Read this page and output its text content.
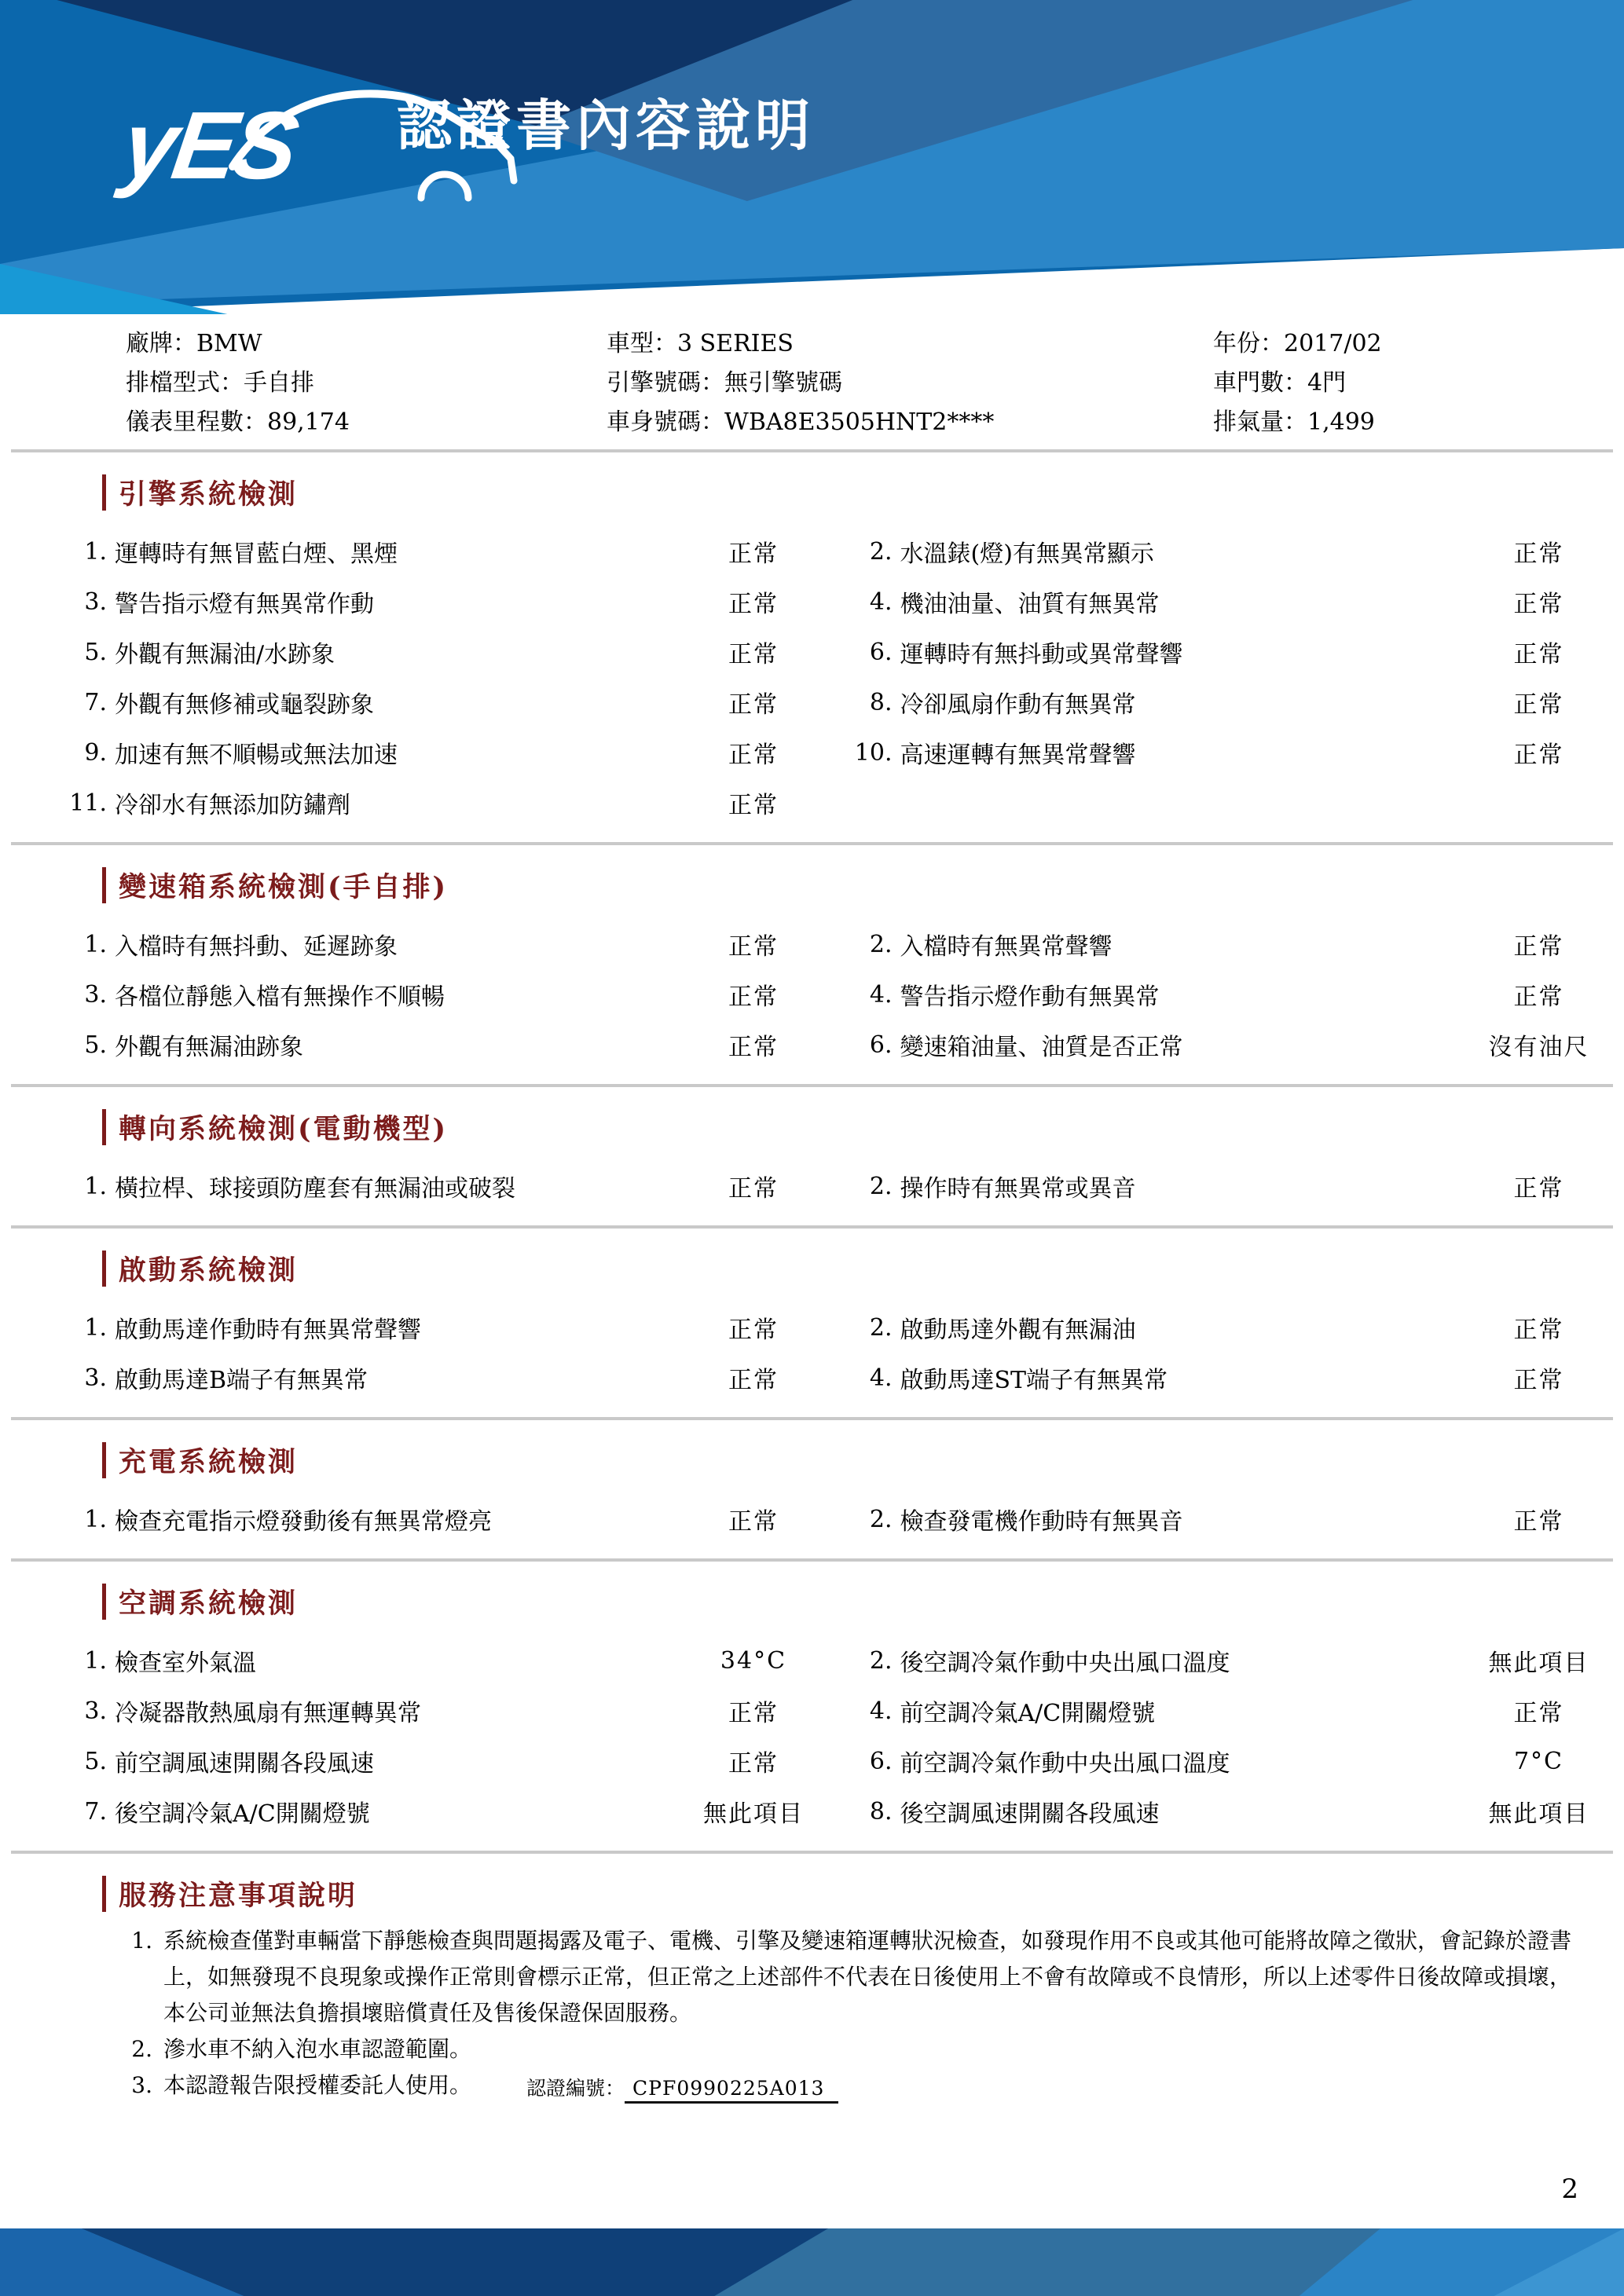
yES 認證書內容說明
廠牌：BMW	車型：3 SERIES	年份：2017/02
排檔型式：手自排	引擎號碼：無引擎號碼	車門數：4門
儀表里程數：89,174	車身號碼：WBA8E3505HNT2****	排氣量：1,499
引擎系統檢測
1. 運轉時有無冒藍白煙、黑煙	正常	2. 水溫錶(燈)有無異常顯示	正常
3. 警告指示燈有無異常作動	正常	4. 機油油量、油質有無異常	正常
5. 外觀有無漏油/水跡象	正常	6. 運轉時有無抖動或異常聲響	正常
7. 外觀有無修補或龜裂跡象	正常	8. 冷卻風扇作動有無異常	正常
9. 加速有無不順暢或無法加速	正常	10. 高速運轉有無異常聲響	正常
11. 冷卻水有無添加防鏽劑	正常
變速箱系統檢測(手自排)
1. 入檔時有無抖動、延遲跡象	正常	2. 入檔時有無異常聲響	正常
3. 各檔位靜態入檔有無操作不順暢	正常	4. 警告指示燈作動有無異常	正常
5. 外觀有無漏油跡象	正常	6. 變速箱油量、油質是否正常	沒有油尺
轉向系統檢測(電動機型)
1. 橫拉桿、球接頭防塵套有無漏油或破裂	正常	2. 操作時有無異常或異音	正常
啟動系統檢測
1. 啟動馬達作動時有無異常聲響	正常	2. 啟動馬達外觀有無漏油	正常
3. 啟動馬達B端子有無異常	正常	4. 啟動馬達ST端子有無異常	正常
充電系統檢測
1. 檢查充電指示燈發動後有無異常燈亮	正常	2. 檢查發電機作動時有無異音	正常
空調系統檢測
1. 檢查室外氣溫	34°C	2. 後空調冷氣作動中央出風口溫度	無此項目
3. 冷凝器散熱風扇有無運轉異常	正常	4. 前空調冷氣A/C開關燈號	正常
5. 前空調風速開關各段風速	正常	6. 前空調冷氣作動中央出風口溫度	7°C
7. 後空調冷氣A/C開關燈號	無此項目	8. 後空調風速開關各段風速	無此項目
服務注意事項說明
1. 系統檢查僅對車輛當下靜態檢查與問題揭露及電子、電機、引擎及變速箱運轉狀況檢查，如發現作用不良或其他可能將故障之徵狀，會記錄於證書上，如無發現不良現象或操作正常則會標示正常，但正常之上述部件不代表在日後使用上不會有故障或不良情形，所以上述零件日後故障或損壞，本公司並無法負擔損壞賠償責任及售後保證保固服務。

2. 滲水車不納入泡水車認證範圍。

3. 本認證報告限授權委託人使用。	認證編號： CPF0990225A013
2
